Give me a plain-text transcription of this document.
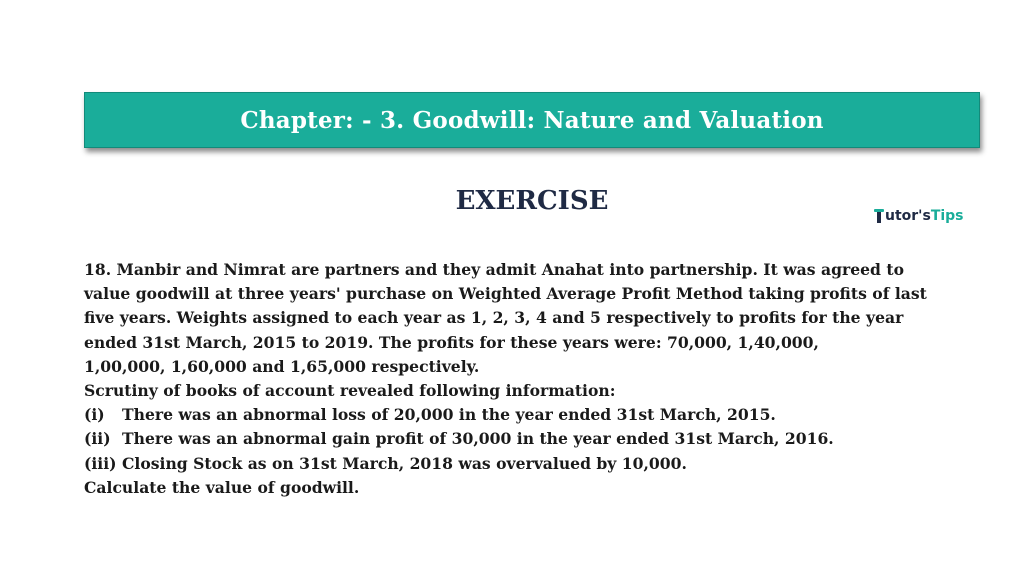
Chapter: - 3. Goodwill: Nature and Valuation
EXERCISE	utor's Tips

18. Manbir and Nimrat are partners and they admit Anahat into partnership. It was agreed to

value goodwill at three years' purchase on Weighted Average Profit Method taking profits of last

five years. Weights assigned to each year as 1, 2, 3, 4 and 5 respectively to profits for the year

ended 31st March, 2015 to 2019. The profits for these years were: 70,000, 1,40,000,

1,00,000, 1,60,000 and 1,65,000 respectively.

Scrutiny of books of account revealed following information:

(i)	There was an abnormal loss of 20,000 in the year ended 31st March, 2015.
(ii) There was an abnormal gain profit of 30,000 in the year ended 31st March, 2016.
(iii) Closing Stock as on 31st March, 2018 was overvalued by 10,000.

Calculate the value of goodwill.
